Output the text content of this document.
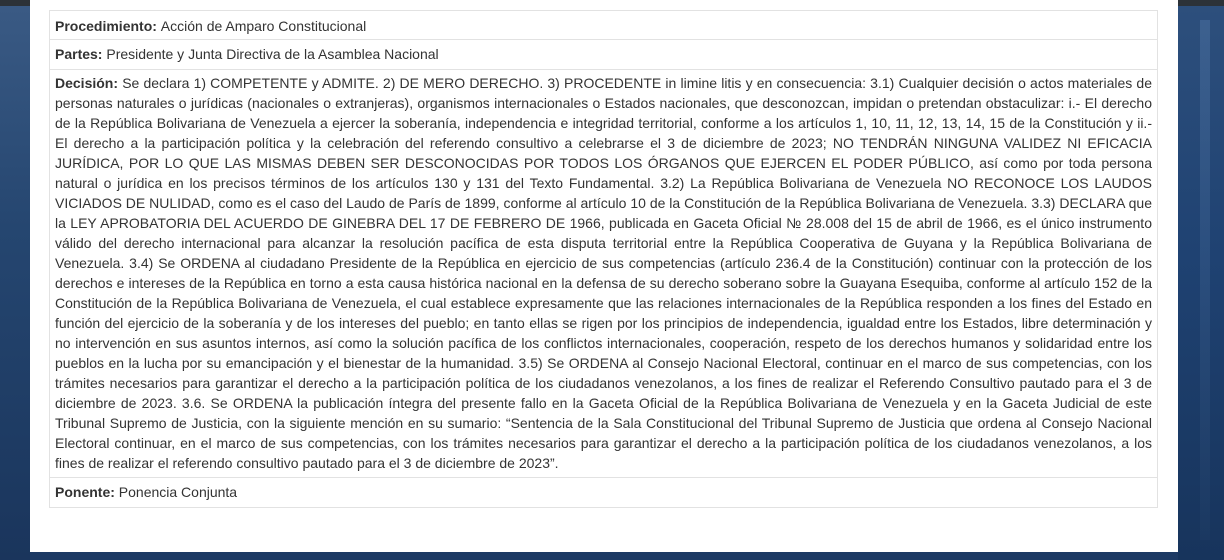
Procedimiento: Acción de Amparo Constitucional
Partes: Presidente y Junta Directiva de la Asamblea Nacional
Decisión: Se declara 1) COMPETENTE y ADMITE. 2) DE MERO DERECHO. 3) PROCEDENTE in limine litis y en consecuencia: 3.1) Cualquier decisión o actos materiales de personas naturales o jurídicas (nacionales o extranjeras), organismos internacionales o Estados nacionales, que desconozcan, impidan o pretendan obstaculizar: i.- El derecho de la República Bolivariana de Venezuela a ejercer la soberanía, independencia e integridad territorial, conforme a los artículos 1, 10, 11, 12, 13, 14, 15 de la Constitución y ii.- El derecho a la participación política y la celebración del referendo consultivo a celebrarse el 3 de diciembre de 2023; NO TENDRÁN NINGUNA VALIDEZ NI EFICACIA JURÍDICA, POR LO QUE LAS MISMAS DEBEN SER DESCONOCIDAS POR TODOS LOS ÓRGANOS QUE EJERCEN EL PODER PÚBLICO, así como por toda persona natural o jurídica en los precisos términos de los artículos 130 y 131 del Texto Fundamental. 3.2) La República Bolivariana de Venezuela NO RECONOCE LOS LAUDOS VICIADOS DE NULIDAD, como es el caso del Laudo de París de 1899, conforme al artículo 10 de la Constitución de la República Bolivariana de Venezuela. 3.3) DECLARA que la LEY APROBATORIA DEL ACUERDO DE GINEBRA DEL 17 DE FEBRERO DE 1966, publicada en Gaceta Oficial № 28.008 del 15 de abril de 1966, es el único instrumento válido del derecho internacional para alcanzar la resolución pacífica de esta disputa territorial entre la República Cooperativa de Guyana y la República Bolivariana de Venezuela. 3.4) Se ORDENA al ciudadano Presidente de la República en ejercicio de sus competencias (artículo 236.4 de la Constitución) continuar con la protección de los derechos e intereses de la República en torno a esta causa histórica nacional en la defensa de su derecho soberano sobre la Guayana Esequiba, conforme al artículo 152 de la Constitución de la República Bolivariana de Venezuela, el cual establece expresamente que las relaciones internacionales de la República responden a los fines del Estado en función del ejercicio de la soberanía y de los intereses del pueblo; en tanto ellas se rigen por los principios de independencia, igualdad entre los Estados, libre determinación y no intervención en sus asuntos internos, así como la solución pacífica de los conflictos internacionales, cooperación, respeto de los derechos humanos y solidaridad entre los pueblos en la lucha por su emancipación y el bienestar de la humanidad. 3.5) Se ORDENA al Consejo Nacional Electoral, continuar en el marco de sus competencias, con los trámites necesarios para garantizar el derecho a la participación política de los ciudadanos venezolanos, a los fines de realizar el Referendo Consultivo pautado para el 3 de diciembre de 2023. 3.6. Se ORDENA la publicación íntegra del presente fallo en la Gaceta Oficial de la República Bolivariana de Venezuela y en la Gaceta Judicial de este Tribunal Supremo de Justicia, con la siguiente mención en su sumario: “Sentencia de la Sala Constitucional del Tribunal Supremo de Justicia que ordena al Consejo Nacional Electoral continuar, en el marco de sus competencias, con los trámites necesarios para garantizar el derecho a la participación política de los ciudadanos venezolanos, a los fines de realizar el referendo consultivo pautado para el 3 de diciembre de 2023”.
Ponente: Ponencia Conjunta
